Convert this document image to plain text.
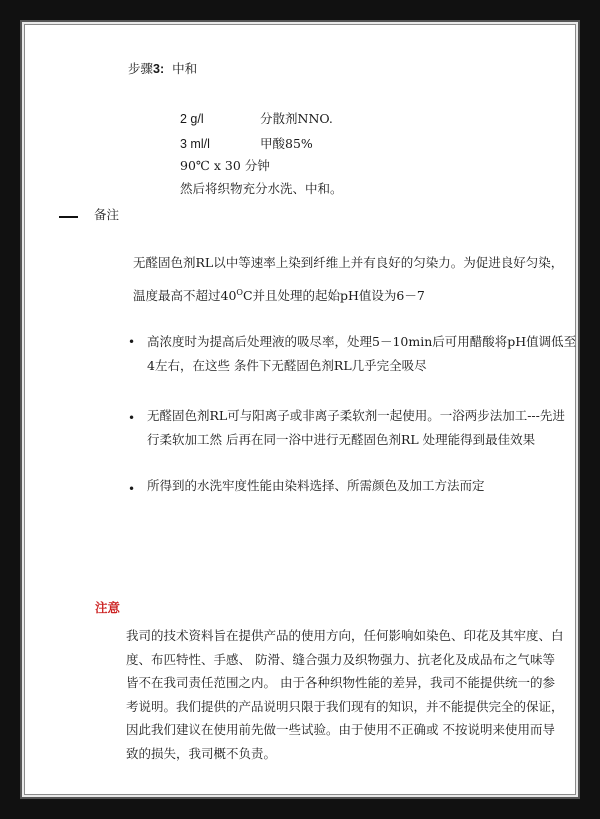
步骤3: 中和
2 g/l	分散剂NNO.
3 ml/l	甲酸85%
90℃ x 30 分钟
然后将织物充分水洗、中和。
备注
无醛固色剂RL以中等速率上染到纤维上并有良好的匀染力。为促进良好匀染，
温度最高不超过$40^OC$并且处理的起始pH值设为6－7
• 高浓度时为提高后处理液的吸尽率，处理5－10min后可用醋酸将pH值调低至
4左右，在这些 条件下无醛固色剂RL几乎完全吸尽
• 无醛固色剂RL可与阳离子或非离子柔软剂一起使用。一浴两步法加工---先进
行柔软加工然 后再在同一浴中进行无醛固色剂RL 处理能得到最佳效果
• 所得到的水洗牢度性能由染料选择、所需颜色及加工方法而定
注意
我司的技术资料旨在提供产品的使用方向，任何影响如染色、印花及其牢度、白
度、布匹特性、手感、 防滑、缝合强力及织物强力、抗老化及成品布之气味等
皆不在我司责任范围之内。 由于各种织物性能的差异，我司不能提供统一的参
考说明。我们提供的产品说明只限于我们现有的知识，并不能提供完全的保证，
因此我们建议在使用前先做一些试验。由于使用不正确或 不按说明来使用而导
致的损失，我司概不负责。
